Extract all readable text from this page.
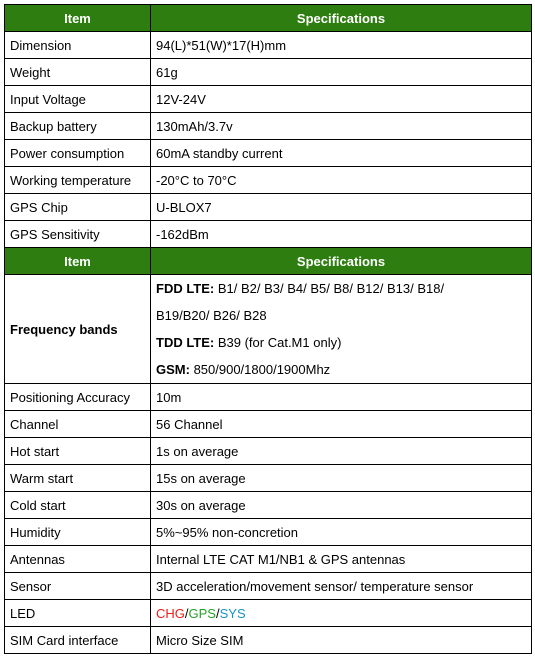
Item	Specifications
Dimension	94(L)*51(W)*17(H)mm
Weight	61g
Input Voltage	12V-24V
Backup battery	130mAh/3.7v
Power consumption	60mA standby current
Working temperature	-20°C to 70°C
GPS Chip	U-BLOX7
GPS Sensitivity	-162dBm
Item	Specifications
Frequency bands	FDD LTE: B1/ B2/ B3/ B4/ B5/ B8/ B12/ B13/ B18/
B19/B20/ B26/ B28
TDD LTE: B39 (for Cat.M1 only)
GSM: 850/900/1800/1900Mhz

Positioning Accuracy	10m
Channel	56 Channel
Hot start	1s on average
Warm start	15s on average
Cold start	30s on average
Humidity	5%~95% non-concretion
Antennas	Internal LTE CAT M1/NB1 & GPS antennas
Sensor	3D acceleration/movement sensor/ temperature sensor
LED	CHG/GPS/SYS
SIM Card interface	Micro Size SIM
